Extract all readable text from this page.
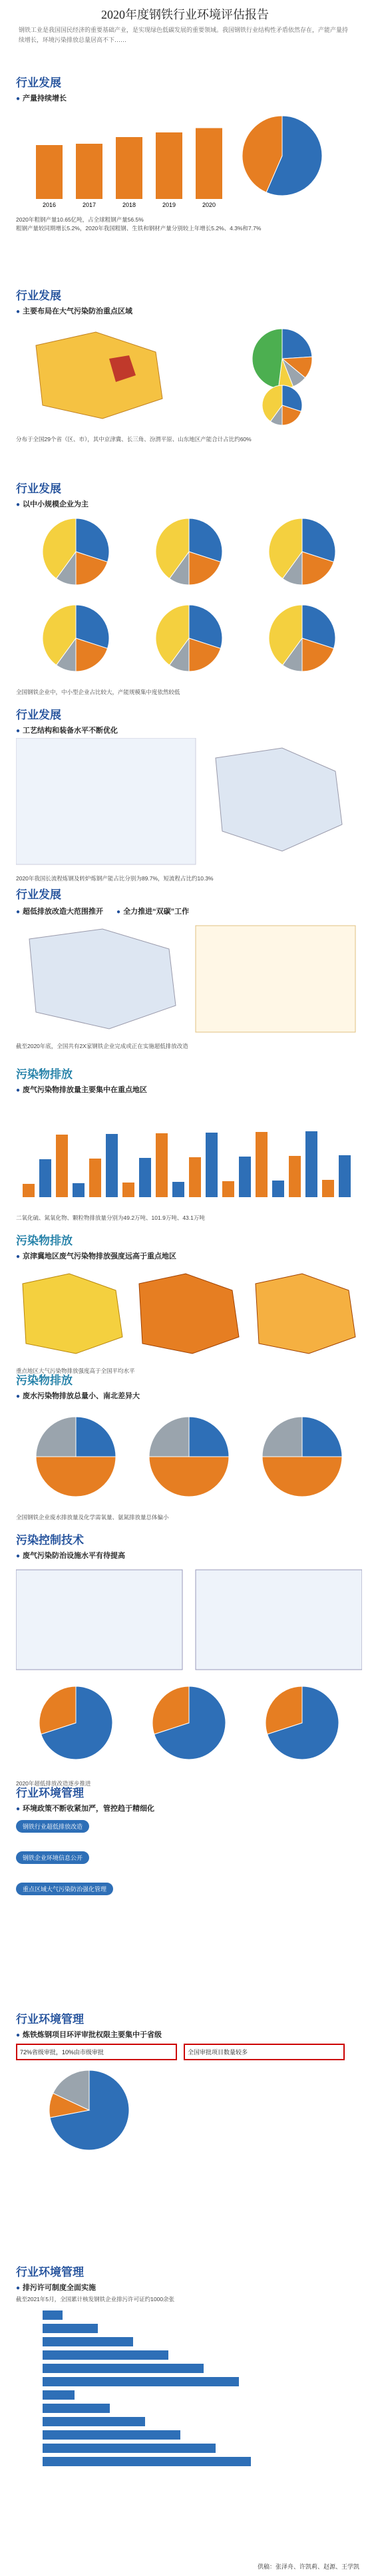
2020年度钢铁行业环境评估报告
钢铁工业是我国国民经济的重要基础产业，是实现绿色低碳发展的重要领域。我国钢铁行业结构性矛盾依然存在，产能产量持续增长，环境污染排放总量居高不下……
行业发展
● 产量持续增长
2016	2017	2018	2019	2020
2020年粗钢产量10.65亿吨，占全球粗钢产量56.5%
粗钢产量较同期增长5.2%，2020年我国粗钢、生铁和钢材产量分别较上年增长5.2%、4.3%和7.7%
行业发展
● 主要布局在大气污染防治重点区域
分布于全国29个省（区、市），其中京津冀、长三角、汾渭平原、山东地区产能合计占比约60%
行业发展
● 以中小规模企业为主
全国钢铁企业中，中小型企业占比较大，产能规模集中度依然较低
行业发展
● 工艺结构和装备水平不断优化
2020年我国长流程炼钢及转炉炼钢产能占比分别为89.7%，短流程占比约10.3%
行业发展
● 超低排放改造大范围推开
●	全力推进“双碳”工作
截至2020年底，全国共有2X家钢铁企业完成或正在实施超低排放改造
污染物排放
● 废气污染物排放量主要集中在重点地区
二氧化硫、氮氧化物、颗粒物排放量分别为49.2万吨、101.9万吨、43.1万吨
污染物排放
● 京津冀地区废气污染物排放强度远高于重点地区
重点地区大气污染物排放强度高于全国平均水平
污染物排放
● 废水污染物排放总量小、南北差异大
全国钢铁企业废水排放量及化学需氧量、氨氮排放量总体偏小
污染控制技术
● 废气污染防治设施水平有待提高
2020年超低排放改造逐步推进
行业环境管理
● 环境政策不断收紧加严，管控趋于精细化
钢铁行业超低排放改造
钢铁企业环境信息公开
重点区域大气污染防治强化管理
行业环境管理
● 炼铁炼钢项目环评审批权限主要集中于省级
72%省级审批，10%由市级审批	全国审批项目数量较多
行业环境管理
● 排污许可制度全面实施
截至2021年5月，全国累计核发钢铁企业排污许可证约1000余张
供稿：张泽舟、许凯莉、赵源、王学凯
